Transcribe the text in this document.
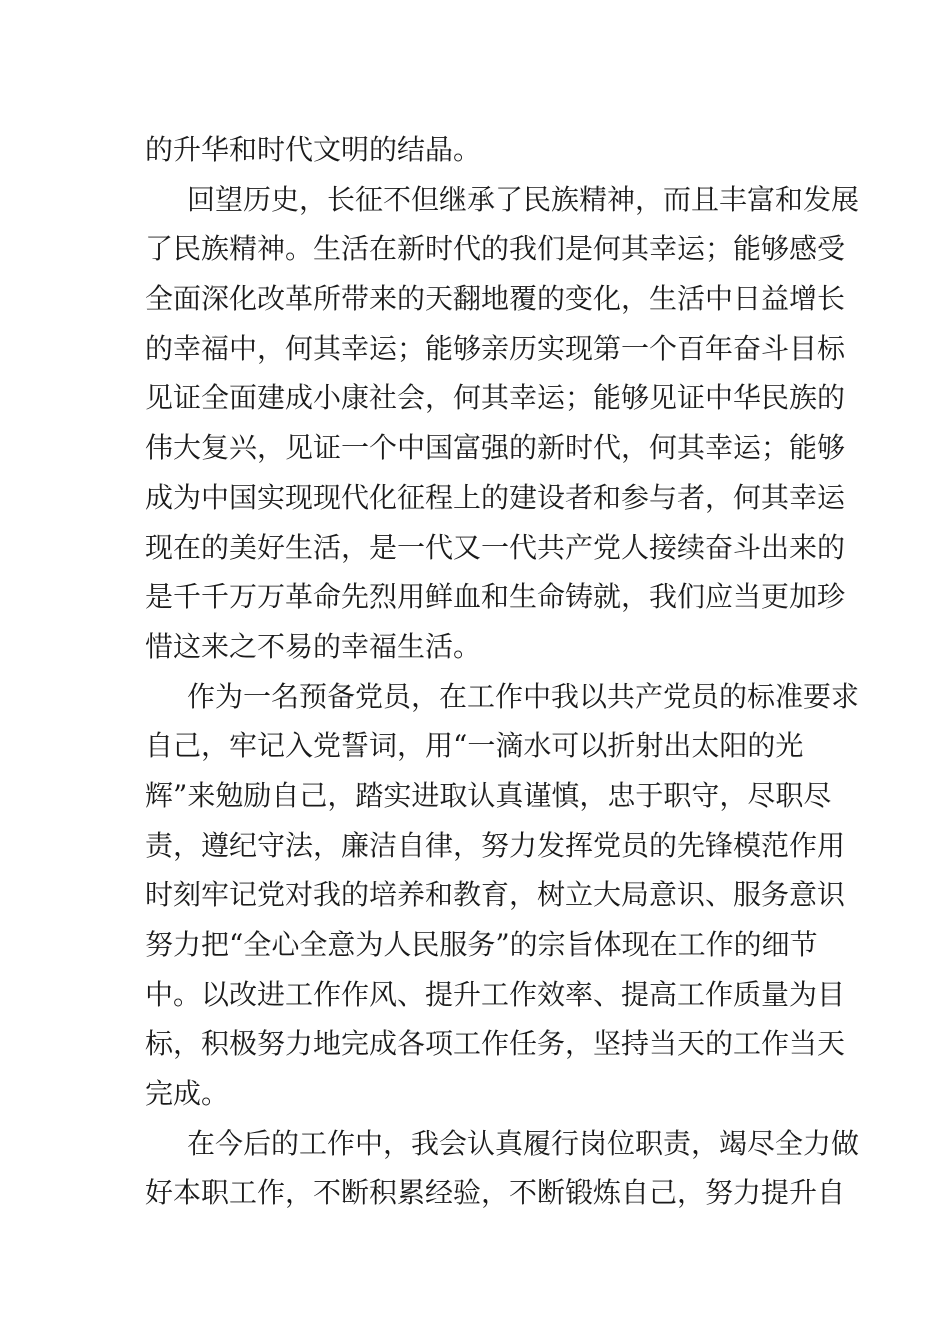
的升华和时代文明的结晶。
回望历史，长征不但继承了民族精神，而且丰富和发展
了民族精神。生活在新时代的我们是何其幸运；能够感受
全面深化改革所带来的天翻地覆的变化，生活中日益增长
的幸福中，何其幸运；能够亲历实现第一个百年奋斗目标
见证全面建成小康社会，何其幸运；能够见证中华民族的
伟大复兴，见证一个中国富强的新时代，何其幸运；能够
成为中国实现现代化征程上的建设者和参与者，何其幸运
现在的美好生活，是一代又一代共产党人接续奋斗出来的
是千千万万革命先烈用鲜血和生命铸就，我们应当更加珍
惜这来之不易的幸福生活。
作为一名预备党员，在工作中我以共产党员的标准要求
自己，牢记入党誓词，用“一滴水可以折射出太阳的光
辉”来勉励自己，踏实进取认真谨慎，忠于职守，尽职尽
责，遵纪守法，廉洁自律，努力发挥党员的先锋模范作用
时刻牢记党对我的培养和教育，树立大局意识、服务意识
努力把“全心全意为人民服务”的宗旨体现在工作的细节
中。以改进工作作风、提升工作效率、提高工作质量为目
标，积极努力地完成各项工作任务，坚持当天的工作当天
完成。
在今后的工作中，我会认真履行岗位职责，竭尽全力做
好本职工作，不断积累经验，不断锻炼自己，努力提升自
